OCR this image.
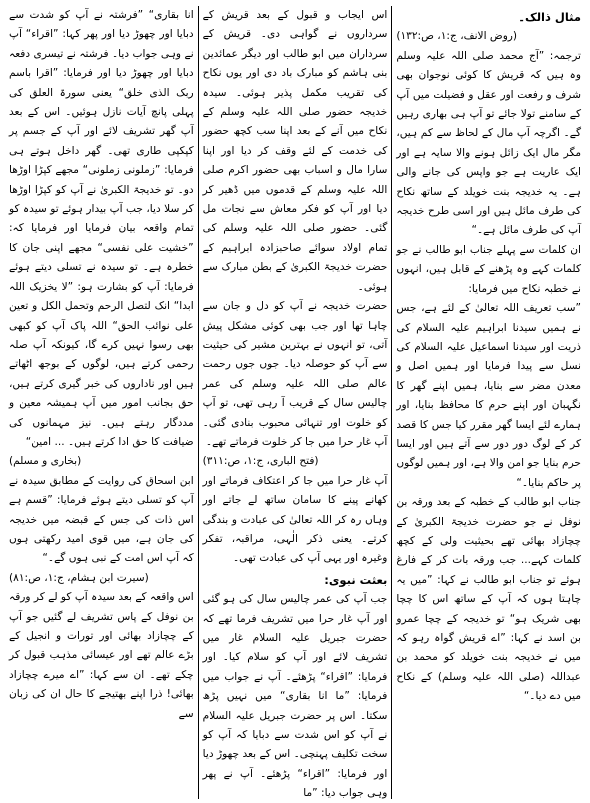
مثال ذالک۔
(روض الانف، ج:۱، ص:۱۳۲)

ترجمہ: ”آج محمد صلی اللہ علیہ وسلم وہ ہیں کہ قریش کا کوئی نوجوان بھی شرف و رفعت اور عقل و فضیلت میں آپ کے سامنے تولا جائے تو آپ ہی بھاری رہیں گے۔ اگرچہ آپ مال کے لحاظ سے کم ہیں، مگر مال ایک زائل ہونے والا سایہ ہے اور ایک عاریت ہے جو واپس کی جانے والی ہے۔ یہ خدیجہ بنت خویلد کے ساتھ نکاح کی طرف مائل ہیں اور اسی طرح خدیجہ آپ کی طرف مائل ہے۔“

ان کلمات سے پہلے جناب ابو طالب نے جو کلمات کہے وہ پڑھنے کے قابل ہیں، انہوں نے خطبہ نکاح میں فرمایا:

”سب تعریف اللہ تعالیٰ کے لئے ہے، جس نے ہمیں سیدنا ابراہیم علیہ السلام کی ذریت اور سیدنا اسماعیل علیہ السلام کی نسل سے پیدا فرمایا اور ہمیں اصل و معدن مضر سے بنایا، ہمیں اپنے گھر کا نگہبان اور اپنے حرم کا محافظ بنایا، اور ہمارے لئے ایسا گھر مقرر کیا جس کا قصد کر کے لوگ دور دور سے آتے ہیں اور ایسا حرم بنایا جو امن والا ہے، اور ہمیں لوگوں پر حاکم بنایا۔“

جناب ابو طالب کے خطبہ کے بعد ورقہ بن نوفل نے جو حضرت خدیجۃ الکبریٰ کے چچازاد بھائی تھے بحیثیت ولی کے کچھ کلمات کہے... جب ورقہ بات کر کے فارغ ہوئے تو جناب ابو طالب نے کہا: ”میں یہ چاہتا ہوں کہ آپ کے ساتھ اس کا چچا بھی شریک ہو“ تو خدیجہ کے چچا عمرو بن اسد نے کہا: ”اے قریش گواہ رہو کہ میں نے خدیجہ بنت خویلد کو محمد بن عبداللہ (صلی اللہ علیہ وسلم) کے نکاح میں دے دیا۔“

اس ایجاب و قبول کے بعد قریش کے سرداروں نے گواہی دی۔ قریش کے سرداران میں ابو طالب اور دیگر عمائدین بنی ہاشم کو مبارک باد دی اور یوں نکاح کی تقریب مکمل پذیر ہوئی۔ سیدہ خدیجہ حضور صلی اللہ علیہ وسلم کے نکاح میں آنے کے بعد اپنا سب کچھ حضور کی خدمت کے لئے وقف کر دیا اور اپنا سارا مال و اسباب بھی حضور اکرم صلی اللہ علیہ وسلم کے قدموں میں ڈھیر کر دیا اور آپ کو فکر معاش سے نجات مل گئی۔ حضور صلی اللہ علیہ وسلم کی تمام اولاد سوائے صاحبزادہ ابراہیم کے حضرت خدیجۃ الکبریٰ کے بطن مبارک سے ہوئی۔

حضرت خدیجہ نے آپ کو دل و جان سے چاہا تھا اور جب بھی کوئی مشکل پیش آتی، تو انہوں نے بہترین مشیر کی حیثیت سے آپ کو حوصلہ دیا۔ جوں جوں رحمت عالم صلی اللہ علیہ وسلم کی عمر چالیس سال کے قریب آ رہی تھی، تو آپ کو خلوت اور تنہائی محبوب بنادی گئی۔ آپ غار حرا میں جا کر خلوت فرماتے تھے۔

(فتح الباری، ج:۱، ص:۳۱۱)

آپ غار حرا میں جا کر اعتکاف فرماتے اور کھانے پینے کا سامان ساتھ لے جاتے اور وہاں رہ کر اللہ تعالیٰ کی عبادت و بندگی کرتے۔ یعنی ذکر الٰہی، مراقبہ، تفکر وغیرہ اور یہی آپ کی عبادت تھی۔

بعثت نبوی:

جب آپ کی عمر چالیس سال کی ہو گئی اور آپ غار حرا میں تشریف فرما تھے کہ حضرت جبریل علیہ السلام غار میں تشریف لائے اور آپ کو سلام کیا۔ اور فرمایا: ”اقراء“ پڑھئے۔ آپ نے جواب میں فرمایا: ”ما انا بقاری“ میں نہیں پڑھ سکتا۔ اس پر حضرت جبریل علیہ السلام نے آپ کو اس شدت سے دبایا کہ آپ کو سخت تکلیف پہنچی۔ اس کے بعد چھوڑ دیا اور فرمایا: ”اقراء“ پڑھئے۔ آپ نے پھر وہی جواب دیا: ”ما

انا بقاری“ ”فرشتہ نے آپ کو شدت سے دبایا اور چھوڑ دیا اور پھر کہا: ”اقراء“ آپ نے وہی جواب دیا۔ فرشتہ نے تیسری دفعہ دبایا اور چھوڑ دیا اور فرمایا: ”اقرا باسم ربک الذی خلق“ یعنی سورۃ العلق کی پہلی پانچ آیات نازل ہوئیں۔ اس کے بعد آپ گھر تشریف لائے اور آپ کے جسم پر کپکپی طاری تھی۔ گھر داخل ہوتے ہی فرمایا: ”زملونی زملونی“ مجھے کپڑا اوڑھا دو۔ تو خدیجۃ الکبریٰ نے آپ کو کپڑا اوڑھا کر سلا دیا، جب آپ بیدار ہوئے تو سیدہ کو تمام واقعہ بیان فرمایا اور فرمایا کہ: ”خشیت علی نفسی“ مجھے اپنی جان کا خطرہ ہے۔ تو سیدہ نے تسلی دیتے ہوئے فرمایا: آپ کو بشارت ہو: ”لا یخزیک اللہ ابدا“ انک لتصل الرحم وتحمل الکل و تعین علی نوائب الحق“ اللہ پاک آپ کو کبھی بھی رسوا نہیں کرے گا، کیونکہ آپ صلہ رحمی کرتے ہیں، لوگوں کے بوجھ اٹھاتے ہیں اور ناداروں کی خبر گیری کرتے ہیں، حق بجانب امور میں آپ ہمیشہ معین و مددگار رہتے ہیں۔ نیز مہمانوں کی ضیافت کا حق ادا کرتے ہیں۔ ... امین“

(بخاری و مسلم)

ابن اسحاق کی روایت کے مطابق سیدہ نے آپ کو تسلی دیتے ہوئے فرمایا: ”قسم ہے اس ذات کی جس کے قبضہ میں خدیجہ کی جان ہے، میں قوی امید رکھتی ہوں کہ آپ اس امت کے نبی ہوں گے۔“

(سیرت ابن ہشام، ج:۱، ص:۸۱)

اس واقعہ کے بعد سیدہ آپ کو لے کر ورقہ بن نوفل کے پاس تشریف لے گئیں جو آپ کے چچازاد بھائی اور تورات و انجیل کے بڑے عالم تھے اور عیسائی مذہب قبول کر چکے تھے۔ ان سے کہا: ”اے میرے چچازاد بھائی! ذرا اپنے بھتیجے کا حال ان کی زبان سے
